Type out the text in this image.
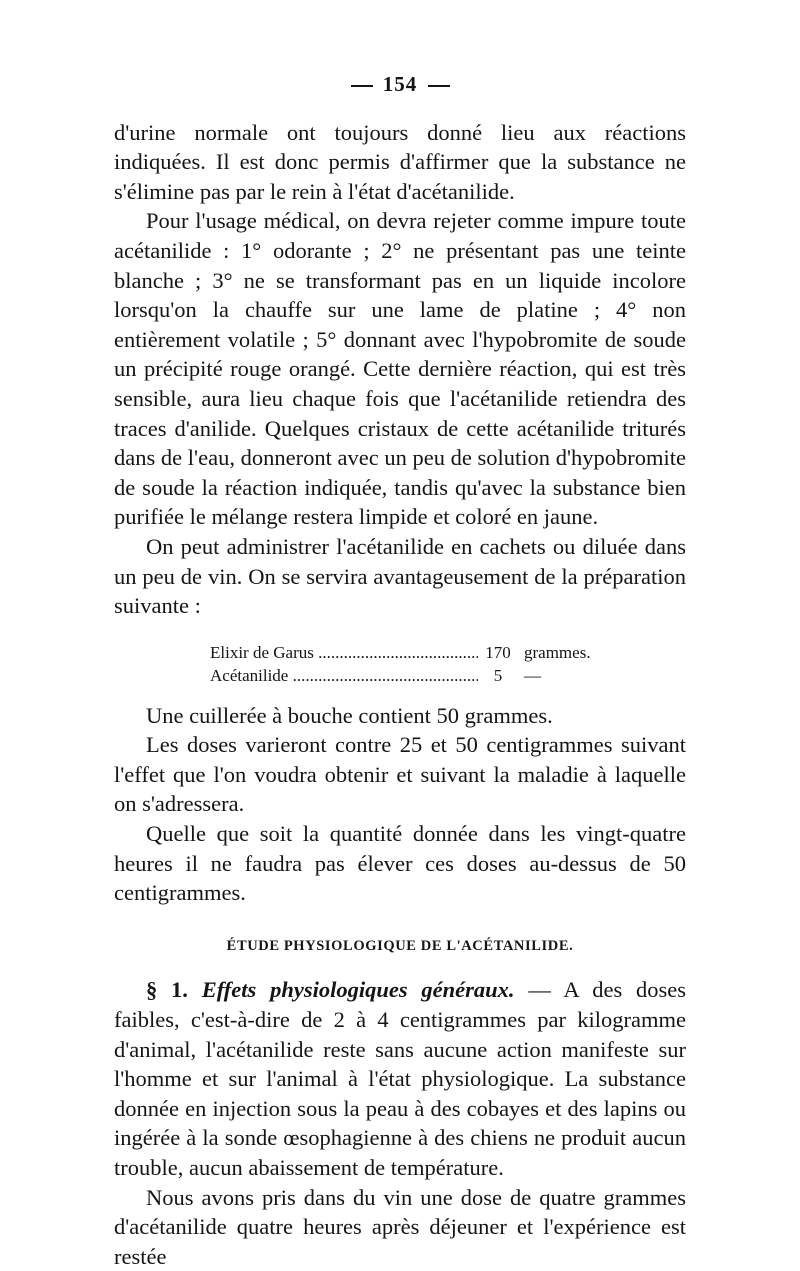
154

d'urine normale ont toujours donné lieu aux réactions indiquées. Il est donc permis d'affirmer que la substance ne s'élimine pas par le rein à l'état d'acétanilide.

Pour l'usage médical, on devra rejeter comme impure toute acétanilide : 1° odorante ; 2° ne présentant pas une teinte blanche ; 3° ne se transformant pas en un liquide incolore lorsqu'on la chauffe sur une lame de platine ; 4° non entièrement volatile ; 5° donnant avec l'hypobromite de soude un précipité rouge orangé. Cette dernière réaction, qui est très sensible, aura lieu chaque fois que l'acétanilide retiendra des traces d'anilide. Quelques cristaux de cette acétanilide triturés dans de l'eau, donneront avec un peu de solution d'hypobromite de soude la réaction indiquée, tandis qu'avec la substance bien purifiée le mélange restera limpide et coloré en jaune.

On peut administrer l'acétanilide en cachets ou diluée dans un peu de vin. On se servira avantageusement de la préparation suivante :

Elixir de Garus .....	170 grammes.
Acétanilide .....	5	—

Une cuillerée à bouche contient 50 grammes.

Les doses varieront contre 25 et 50 centigrammes suivant l'effet que l'on voudra obtenir et suivant la maladie à laquelle on s'adressera.

Quelle que soit la quantité donnée dans les vingt-quatre heures il ne faudra pas élever ces doses au-dessus de 50 centigrammes.

ÉTUDE PHYSIOLOGIQUE DE L'ACÉTANILIDE.

§ 1. Effets physiologiques généraux. — A des doses faibles, c'est-à-dire de 2 à 4 centigrammes par kilogramme d'animal, l'acétanilide reste sans aucune action manifeste sur l'homme et sur l'animal à l'état physiologique. La substance donnée en injection sous la peau à des cobayes et des lapins ou ingérée à la sonde œsophagienne à des chiens ne produit aucun trouble, aucun abaissement de température.

Nous avons pris dans du vin une dose de quatre grammes d'acétanilide quatre heures après déjeuner et l'expérience est restée
